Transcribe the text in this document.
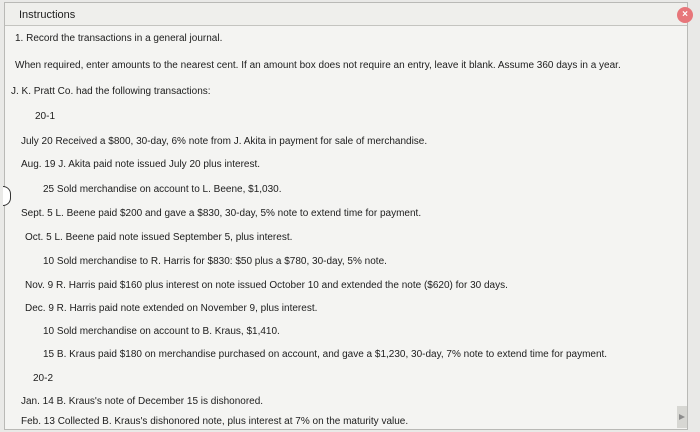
Instructions	×
1. Record the transactions in a general journal.
When required, enter amounts to the nearest cent. If an amount box does not require an entry, leave it blank. Assume 360 days in a year.
J. K. Pratt Co. had the following transactions:
20-1
July 20 Received a $800, 30-day, 6% note from J. Akita in payment for sale of merchandise.
Aug. 19 J. Akita paid note issued July 20 plus interest.
25 Sold merchandise on account to L. Beene, $1,030.
Sept. 5 L. Beene paid $200 and gave a $830, 30-day, 5% note to extend time for payment.
Oct. 5 L. Beene paid note issued September 5, plus interest.
10 Sold merchandise to R. Harris for $830: $50 plus a $780, 30-day, 5% note.
Nov. 9 R. Harris paid $160 plus interest on note issued October 10 and extended the note ($620) for 30 days.
Dec. 9 R. Harris paid note extended on November 9, plus interest.
10 Sold merchandise on account to B. Kraus, $1,410.
15 B. Kraus paid $180 on merchandise purchased on account, and gave a $1,230, 30-day, 7% note to extend time for payment.
20-2
Jan. 14 B. Kraus's note of December 15 is dishonored.
Feb. 13 Collected B. Kraus's dishonored note, plus interest at 7% on the maturity value.
